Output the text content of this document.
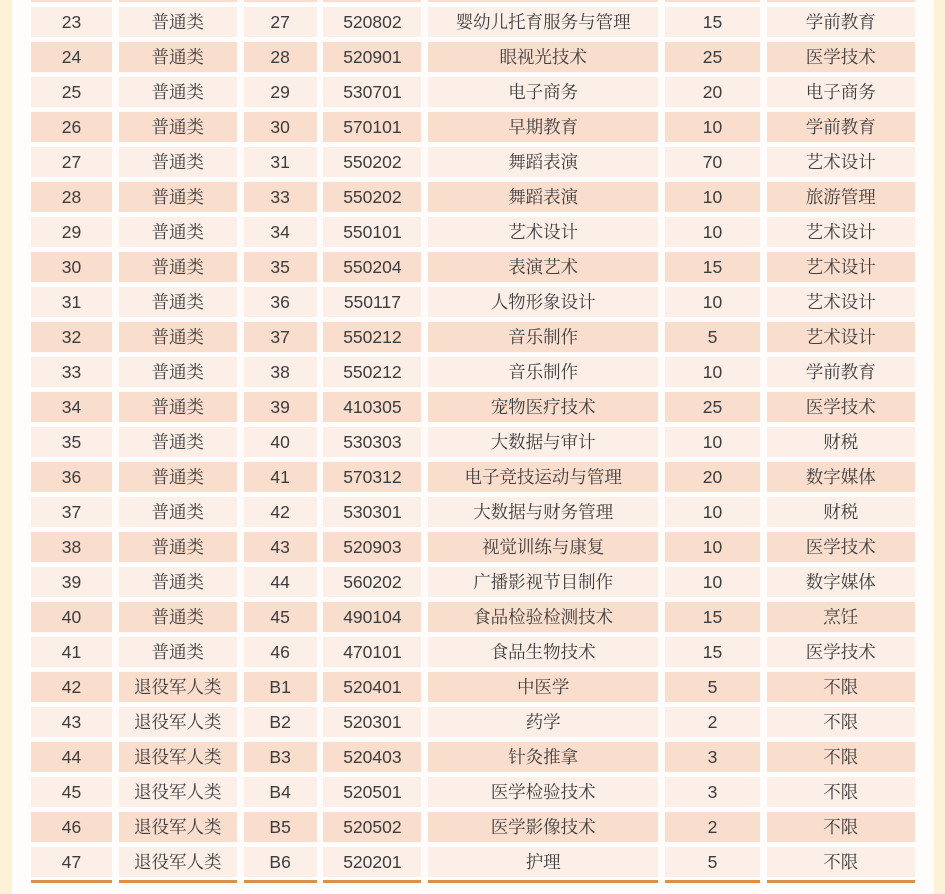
23	普通类	27	520802	婴幼儿托育服务与管理	15	学前教育
24	普通类	28	520901	眼视光技术	25	医学技术
25	普通类	29	530701	电子商务	20	电子商务
26	普通类	30	570101	早期教育	10	学前教育
27	普通类	31	550202	舞蹈表演	70	艺术设计
28	普通类	33	550202	舞蹈表演	10	旅游管理
29	普通类	34	550101	艺术设计	10	艺术设计
30	普通类	35	550204	表演艺术	15	艺术设计
31	普通类	36	550117	人物形象设计	10	艺术设计
32	普通类	37	550212	音乐制作	5	艺术设计
33	普通类	38	550212	音乐制作	10	学前教育
34	普通类	39	410305	宠物医疗技术	25	医学技术
35	普通类	40	530303	大数据与审计	10	财税
36	普通类	41	570312	电子竞技运动与管理	20	数字媒体
37	普通类	42	530301	大数据与财务管理	10	财税
38	普通类	43	520903	视觉训练与康复	10	医学技术
39	普通类	44	560202	广播影视节目制作	10	数字媒体
40	普通类	45	490104	食品检验检测技术	15	烹饪
41	普通类	46	470101	食品生物技术	15	医学技术
42	退役军人类	B1	520401	中医学	5	不限
43	退役军人类	B2	520301	药学	2	不限
44	退役军人类	B3	520403	针灸推拿	3	不限
45	退役军人类	B4	520501	医学检验技术	3	不限
46	退役军人类	B5	520502	医学影像技术	2	不限
47	退役军人类	B6	520201	护理	5	不限
